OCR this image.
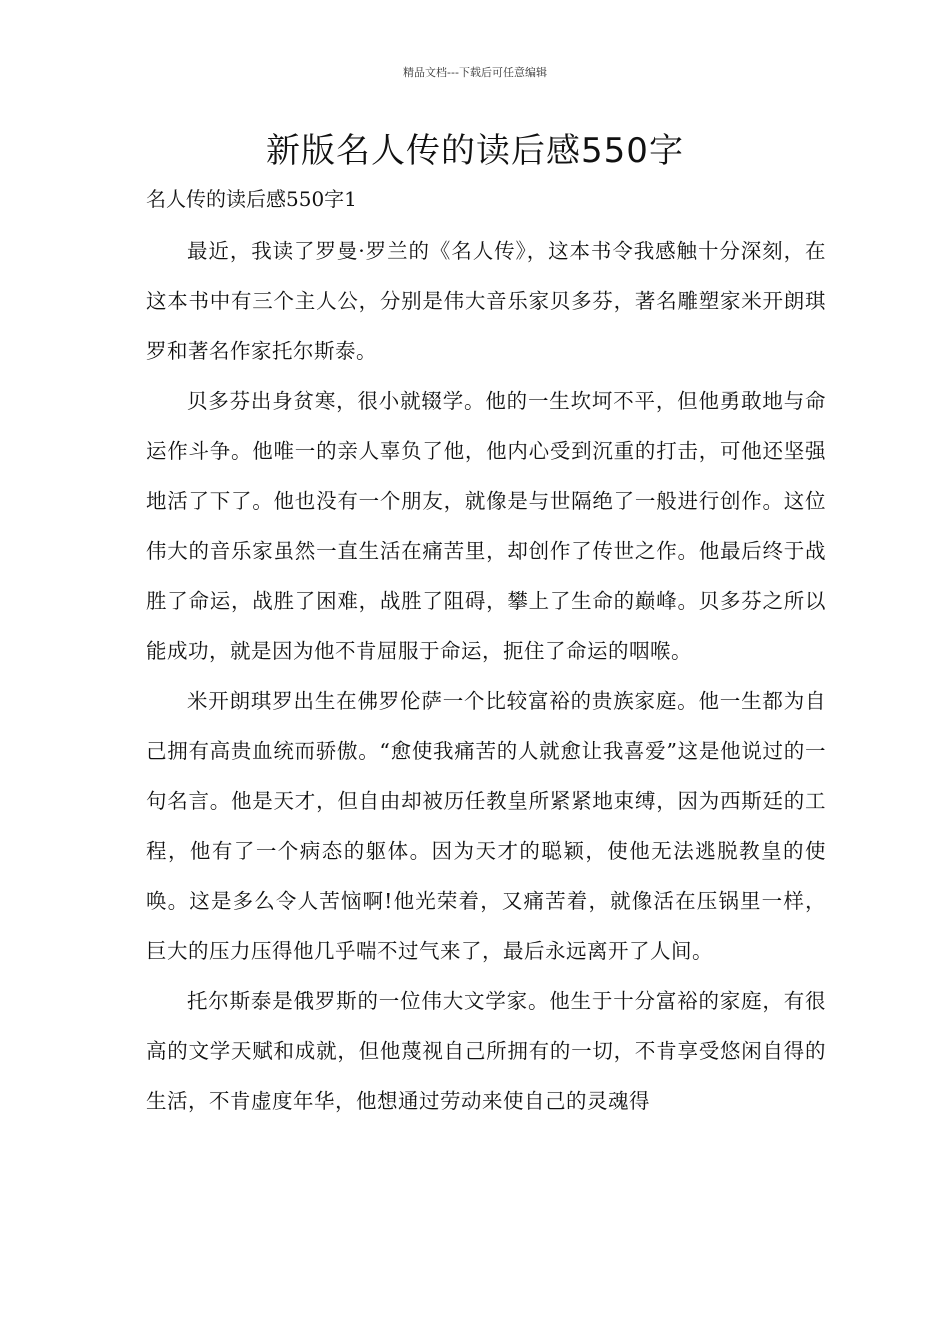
精品文档---下载后可任意编辑
新版名人传的读后感550字
名人传的读后感550字1

最近，我读了罗曼·罗兰的《名人传》，这本书令我感触十分深刻，在这本书中有三个主人公，分别是伟大音乐家贝多芬，著名雕塑家米开朗琪罗和著名作家托尔斯泰。

贝多芬出身贫寒，很小就辍学。他的一生坎坷不平，但他勇敢地与命运作斗争。他唯一的亲人辜负了他，他内心受到沉重的打击，可他还坚强地活了下了。他也没有一个朋友，就像是与世隔绝了一般进行创作。这位伟大的音乐家虽然一直生活在痛苦里，却创作了传世之作。他最后终于战胜了命运，战胜了困难，战胜了阻碍，攀上了生命的巅峰。贝多芬之所以能成功，就是因为他不肯屈服于命运，扼住了命运的咽喉。

米开朗琪罗出生在佛罗伦萨一个比较富裕的贵族家庭。他一生都为自己拥有高贵血统而骄傲。“愈使我痛苦的人就愈让我喜爱”这是他说过的一句名言。他是天才，但自由却被历任教皇所紧紧地束缚，因为西斯廷的工程，他有了一个病态的躯体。因为天才的聪颖，使他无法逃脱教皇的使唤。这是多么令人苦恼啊!他光荣着，又痛苦着，就像活在压锅里一样，巨大的压力压得他几乎喘不过气来了，最后永远离开了人间。

托尔斯泰是俄罗斯的一位伟大文学家。他生于十分富裕的家庭，有很高的文学天赋和成就，但他蔑视自己所拥有的一切，不肯享受悠闲自得的生活，不肯虚度年华，他想通过劳动来使自己的灵魂得
